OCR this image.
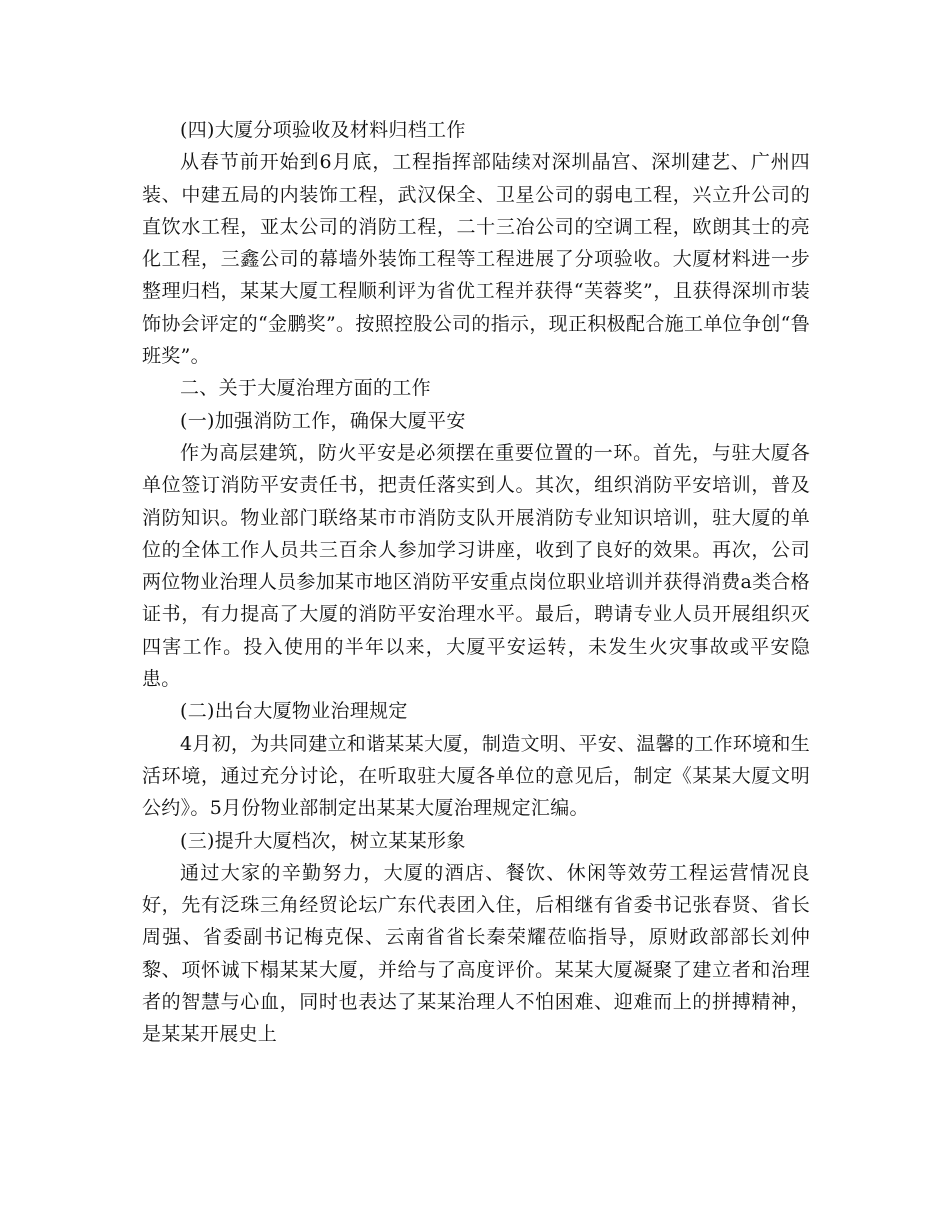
(四)大厦分项验收及材料归档工作

从春节前开始到6月底，工程指挥部陆续对深圳晶宫、深圳建艺、广州四装、中建五局的内装饰工程，武汉保全、卫星公司的弱电工程，兴立升公司的直饮水工程，亚太公司的消防工程，二十三冶公司的空调工程，欧朗其士的亮化工程，三鑫公司的幕墙外装饰工程等工程进展了分项验收。大厦材料进一步整理归档，某某大厦工程顺利评为省优工程并获得“芙蓉奖”，且获得深圳市装饰协会评定的“金鹏奖”。按照控股公司的指示，现正积极配合施工单位争创“鲁班奖”。

二、关于大厦治理方面的工作

(一)加强消防工作，确保大厦平安

作为高层建筑，防火平安是必须摆在重要位置的一环。首先，与驻大厦各单位签订消防平安责任书，把责任落实到人。其次，组织消防平安培训，普及消防知识。物业部门联络某市市消防支队开展消防专业知识培训，驻大厦的单位的全体工作人员共三百余人参加学习讲座，收到了良好的效果。再次，公司两位物业治理人员参加某市地区消防平安重点岗位职业培训并获得消费a类合格证书，有力提高了大厦的消防平安治理水平。最后，聘请专业人员开展组织灭四害工作。投入使用的半年以来，大厦平安运转，未发生火灾事故或平安隐患。

(二)出台大厦物业治理规定

4月初，为共同建立和谐某某大厦，制造文明、平安、温馨的工作环境和生活环境，通过充分讨论，在听取驻大厦各单位的意见后，制定《某某大厦文明公约》。5月份物业部制定出某某大厦治理规定汇编。

(三)提升大厦档次，树立某某形象

通过大家的辛勤努力，大厦的酒店、餐饮、休闲等效劳工程运营情况良好，先有泛珠三角经贸论坛广东代表团入住，后相继有省委书记张春贤、省长周强、省委副书记梅克保、云南省省长秦荣耀莅临指导，原财政部部长刘仲黎、项怀诚下榻某某大厦，并给与了高度评价。某某大厦凝聚了建立者和治理者的智慧与心血，同时也表达了某某治理人不怕困难、迎难而上的拼搏精神，是某某开展史上
